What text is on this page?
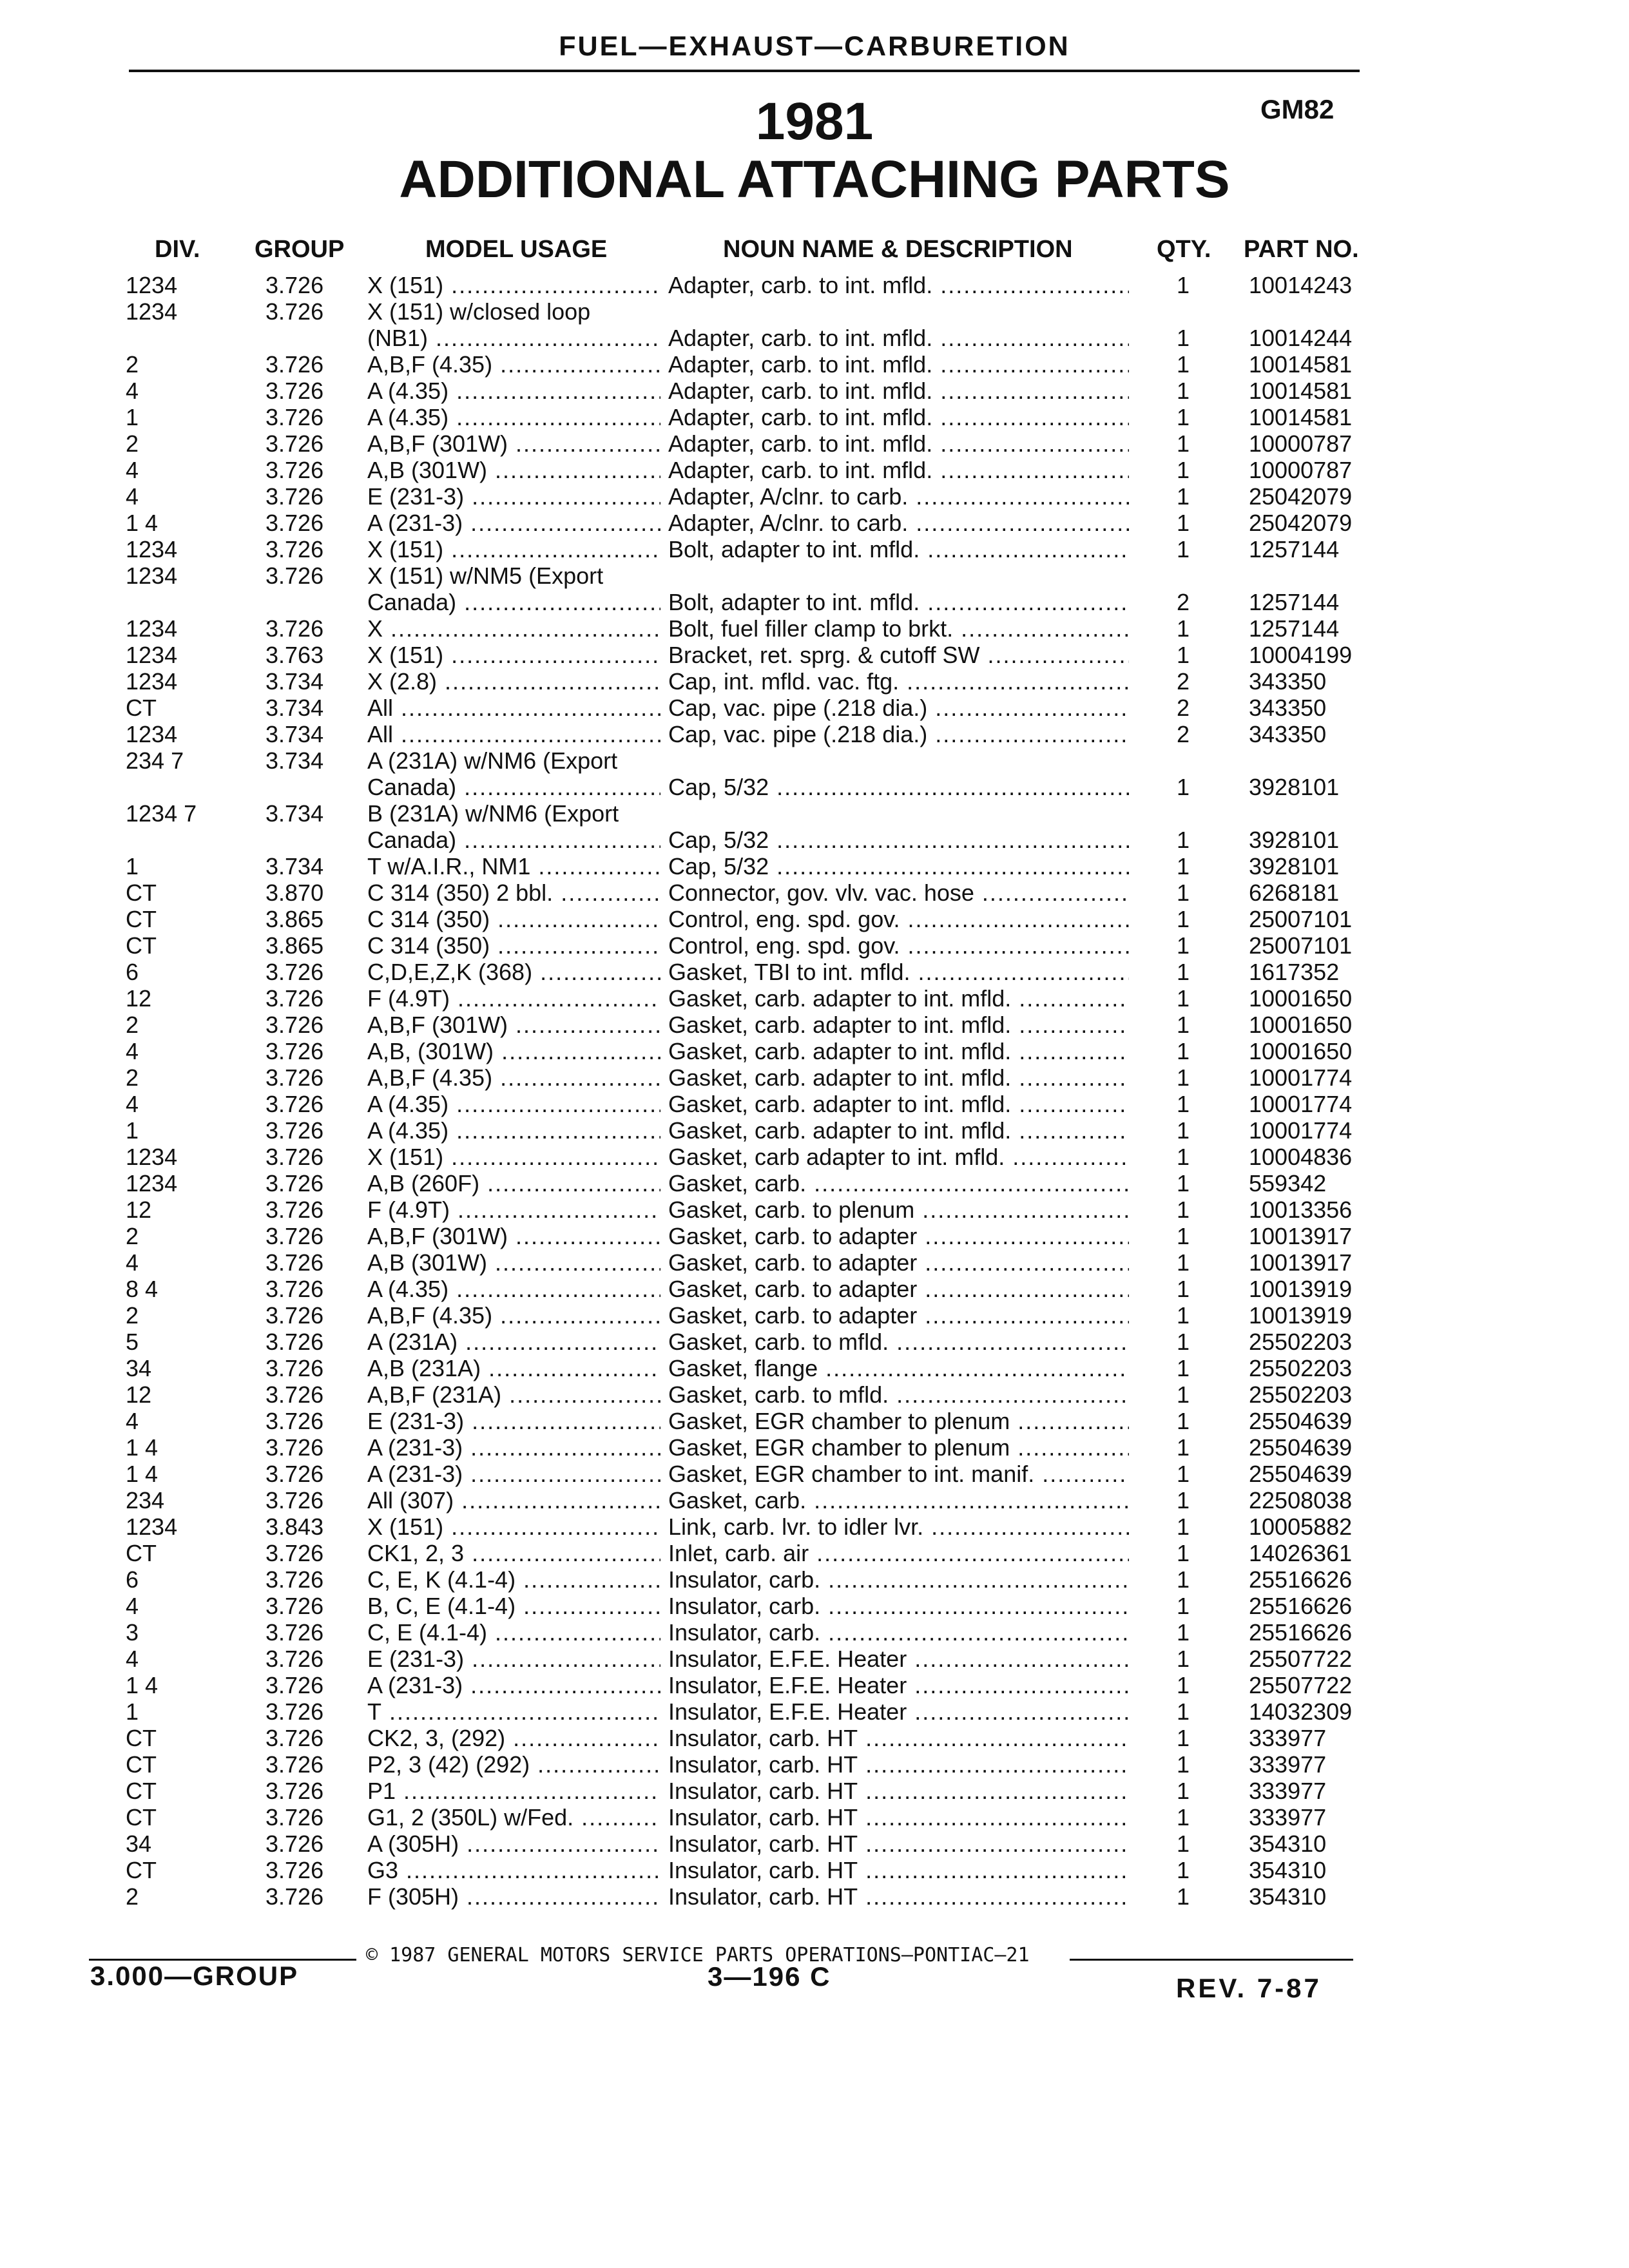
FUEL—EXHAUST—CARBURETION
1981	GM82
ADDITIONAL ATTACHING PARTS
DIV. GROUP	MODEL USAGE	NOUN NAME & DESCRIPTION	QTY. PART NO.
1234	3.726 X (151) .....	Adapter, carb. to int. mfld. .....	1	10014243
1234	3.726 X (151) w/closed loop
(NB1) .....	Adapter, carb. to int. mfld. .....	1	10014244
2	3.726 A,B,F (4.35) .....	Adapter, carb. to int. mfld. .....	1	10014581
4	3.726 A (4.35) .....	Adapter, carb. to int. mfld. .....	1	10014581
1	3.726 A (4.35) .....	Adapter, carb. to int. mfld. .....	1	10014581
2	3.726 A,B,F (301W) .....	Adapter, carb. to int. mfld. .....	1	10000787
4	3.726 A,B (301W) .....	Adapter, carb. to int. mfld. .....	1	10000787
4	3.726 E (231-3) .....	Adapter, A/clnr. to carb. .....	1	25042079
1 4	3.726 A (231-3) .....	Adapter, A/clnr. to carb. .....	1	25042079
1234	3.726 X (151) .....	Bolt, adapter to int. mfld. .....	1	1257144
1234	3.726 X (151) w/NM5 (Export
Canada) .....	Bolt, adapter to int. mfld. .....	2	1257144
1234	3.726 X .....	Bolt, fuel filler clamp to brkt. .....	1	1257144
1234	3.763 X (151) .....	Bracket, ret. sprg. & cutoff SW .....	1	10004199
1234	3.734 X (2.8) .....	Cap, int. mfld. vac. ftg. .....	2	343350
CT	3.734 All .....	Cap, vac. pipe (.218 dia.) .....	2	343350
1234	3.734 All .....	Cap, vac. pipe (.218 dia.) .....	2	343350
234 7	3.734 A (231A) w/NM6 (Export
Canada) .....	Cap, 5/32 .....	1	3928101
1234 7	3.734 B (231A) w/NM6 (Export
Canada) .....	Cap, 5/32 .....	1	3928101
1	3.734 T w/A.I.R., NM1 .....	Cap, 5/32 .....	1	3928101
CT	3.870 C 314 (350) 2 bbl. .....	Connector, gov. vlv. vac. hose .....	1	6268181
CT	3.865 C 314 (350) .....	Control, eng. spd. gov. .....	1	25007101
CT	3.865 C 314 (350) .....	Control, eng. spd. gov. .....	1	25007101
6	3.726 C,D,E,Z,K (368) .....	Gasket, TBI to int. mfld. .....	1	1617352
12	3.726 F (4.9T) .....	Gasket, carb. adapter to int. mfld. .....	1	10001650
2	3.726 A,B,F (301W) .....	Gasket, carb. adapter to int. mfld. .....	1	10001650
4	3.726 A,B, (301W) .....	Gasket, carb. adapter to int. mfld. .....	1	10001650
2	3.726 A,B,F (4.35) .....	Gasket, carb. adapter to int. mfld. .....	1	10001774
4	3.726 A (4.35) .....	Gasket, carb. adapter to int. mfld. .....	1	10001774
1	3.726 A (4.35) .....	Gasket, carb. adapter to int. mfld. .....	1	10001774
1234	3.726 X (151) .....	Gasket, carb adapter to int. mfld. .....	1	10004836
1234	3.726 A,B (260F) .....	Gasket, carb. .....	1	559342
12	3.726 F (4.9T) .....	Gasket, carb. to plenum .....	1	10013356
2	3.726 A,B,F (301W) .....	Gasket, carb. to adapter .....	1	10013917
4	3.726 A,B (301W) .....	Gasket, carb. to adapter .....	1	10013917
8 4	3.726 A (4.35) .....	Gasket, carb. to adapter .....	1	10013919
2	3.726 A,B,F (4.35) .....	Gasket, carb. to adapter .....	1	10013919
5	3.726 A (231A) .....	Gasket, carb. to mfld. .....	1	25502203
34	3.726 A,B (231A) .....	Gasket, flange .....	1	25502203
12	3.726 A,B,F (231A) .....	Gasket, carb. to mfld. .....	1	25502203
4	3.726 E (231-3) .....	Gasket, EGR chamber to plenum .....	1	25504639
1 4	3.726 A (231-3) .....	Gasket, EGR chamber to plenum .....	1	25504639
1 4	3.726 A (231-3) .....	Gasket, EGR chamber to int. manif. .....	1	25504639
234	3.726 All (307) .....	Gasket, carb. .....	1	22508038
1234	3.843 X (151) .....	Link, carb. lvr. to idler lvr. .....	1	10005882
CT	3.726 CK1, 2, 3 .....	Inlet, carb. air .....	1	14026361
6	3.726 C, E, K (4.1-4) .....	Insulator, carb. .....	1	25516626
4	3.726 B, C, E (4.1-4) .....	Insulator, carb. .....	1	25516626
3	3.726 C, E (4.1-4) .....	Insulator, carb. .....	1	25516626
4	3.726 E (231-3) .....	Insulator, E.F.E. Heater .....	1	25507722
1 4	3.726 A (231-3) .....	Insulator, E.F.E. Heater .....	1	25507722
1	3.726 T .....	Insulator, E.F.E. Heater .....	1	14032309
CT	3.726 CK2, 3, (292) .....	Insulator, carb. HT .....	1	333977
CT	3.726 P2, 3 (42) (292) .....	Insulator, carb. HT .....	1	333977
CT	3.726 P1 .....	Insulator, carb. HT .....	1	333977
CT	3.726 G1, 2 (350L) w/Fed. .....	Insulator, carb. HT .....	1	333977
34	3.726 A (305H) .....	Insulator, carb. HT .....	1	354310
CT	3.726 G3 .....	Insulator, carb. HT .....	1	354310
2	3.726 F (305H) .....	Insulator, carb. HT .....	1	354310
© 1987 GENERAL MOTORS SERVICE PARTS OPERATIONS—PONTIAC—21
3.000—GROUP	3—196 C	REV. 7-87
